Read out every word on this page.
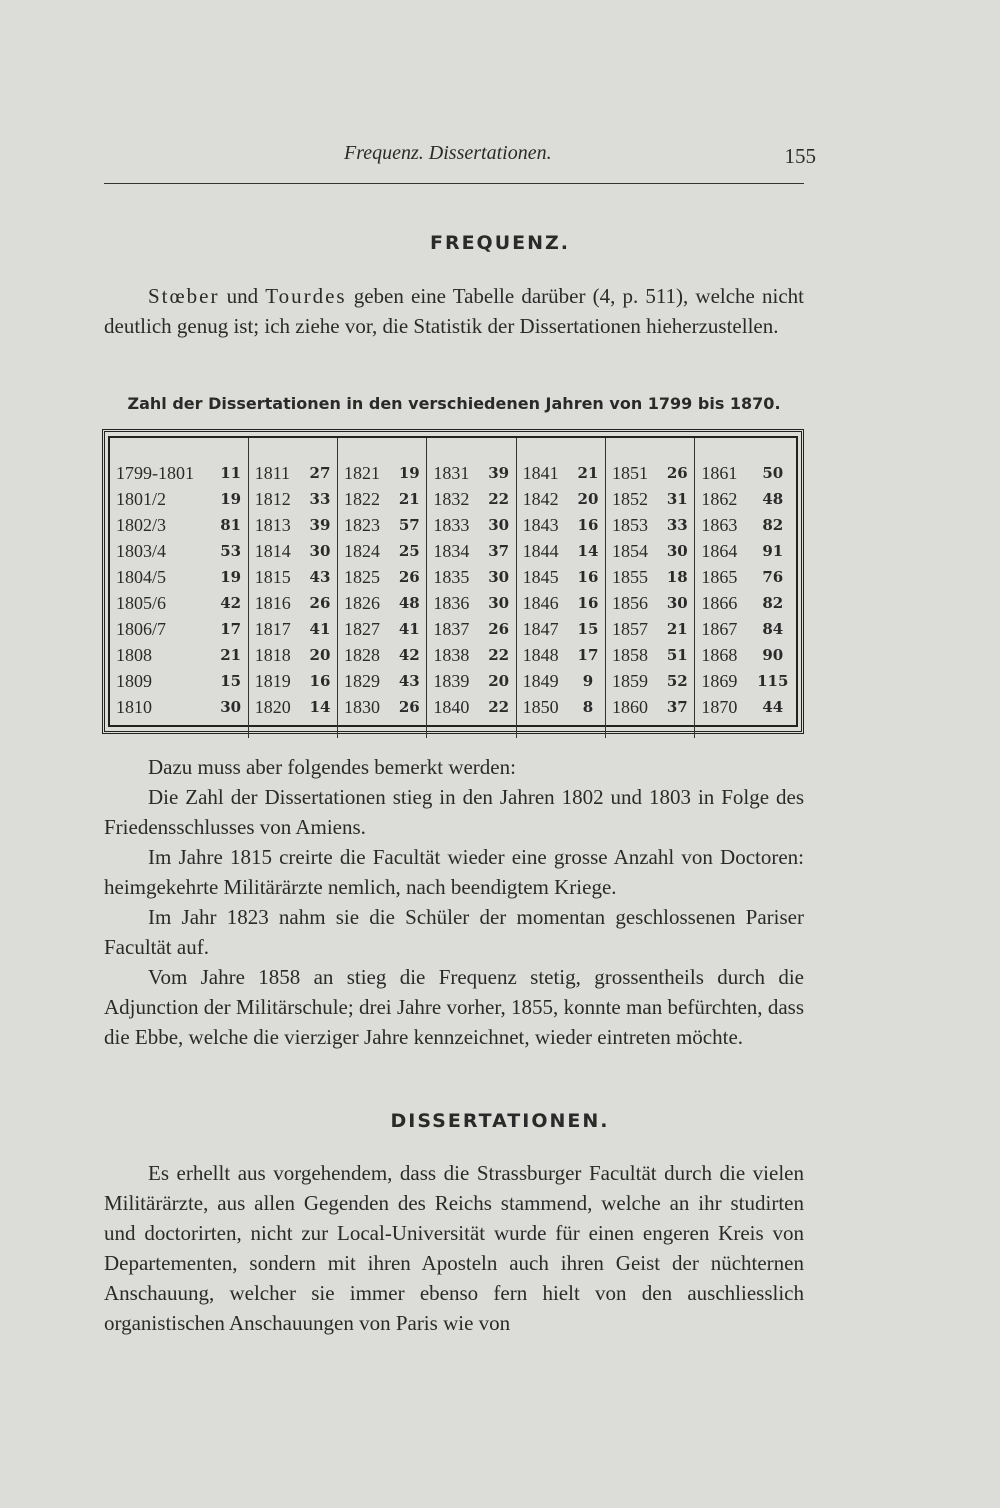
Frequenz. Dissertationen.	155
FREQUENZ.
Stœber und Tourdes geben eine Tabelle darüber (4, p. 511), welche nicht deutlich genug ist; ich ziehe vor, die Statistik der Dissertationen hieherzustellen.
Zahl der Dissertationen in den verschiedenen Jahren von 1799 bis 1870.
1799-1801	11	1811	27	1821	19	1831	39	1841	21	1851	26	1861	50
1801/2	19	1812	33	1822	21	1832	22	1842	20	1852	31	1862	48
1802/3	81	1813	39	1823	57	1833	30	1843	16	1853	33	1863	82
1803/4	53	1814	30	1824	25	1834	37	1844	14	1854	30	1864	91
1804/5	19	1815	43	1825	26	1835	30	1845	16	1855	18	1865	76
1805/6	42	1816	26	1826	48	1836	30	1846	16	1856	30	1866	82
1806/7	17	1817	41	1827	41	1837	26	1847	15	1857	21	1867	84
1808	21	1818	20	1828	42	1838	22	1848	17	1858	51	1868	90
1809	15	1819	16	1829	43	1839	20	1849	9	1859	52	1869	115
1810	30	1820	14	1830	26	1840	22	1850	8	1860	37	1870	44
Dazu muss aber folgendes bemerkt werden:
Die Zahl der Dissertationen stieg in den Jahren 1802 und 1803 in Folge des Friedensschlusses von Amiens.
Im Jahre 1815 creirte die Facultät wieder eine grosse Anzahl von Doctoren: heimgekehrte Militärärzte nemlich, nach beendigtem Kriege.
Im Jahr 1823 nahm sie die Schüler der momentan geschlossenen Pariser Facultät auf.
Vom Jahre 1858 an stieg die Frequenz stetig, grossentheils durch die Adjunction der Militärschule; drei Jahre vorher, 1855, konnte man befürchten, dass die Ebbe, welche die vierziger Jahre kennzeichnet, wieder eintreten möchte.
DISSERTATIONEN.
Es erhellt aus vorgehendem, dass die Strassburger Facultät durch die vielen Militärärzte, aus allen Gegenden des Reichs stammend, welche an ihr studirten und doctorirten, nicht zur Local-Universität wurde für einen engeren Kreis von Departementen, sondern mit ihren Aposteln auch ihren Geist der nüchternen Anschauung, welcher sie immer ebenso fern hielt von den auschliesslich organistischen Anschauungen von Paris wie von
